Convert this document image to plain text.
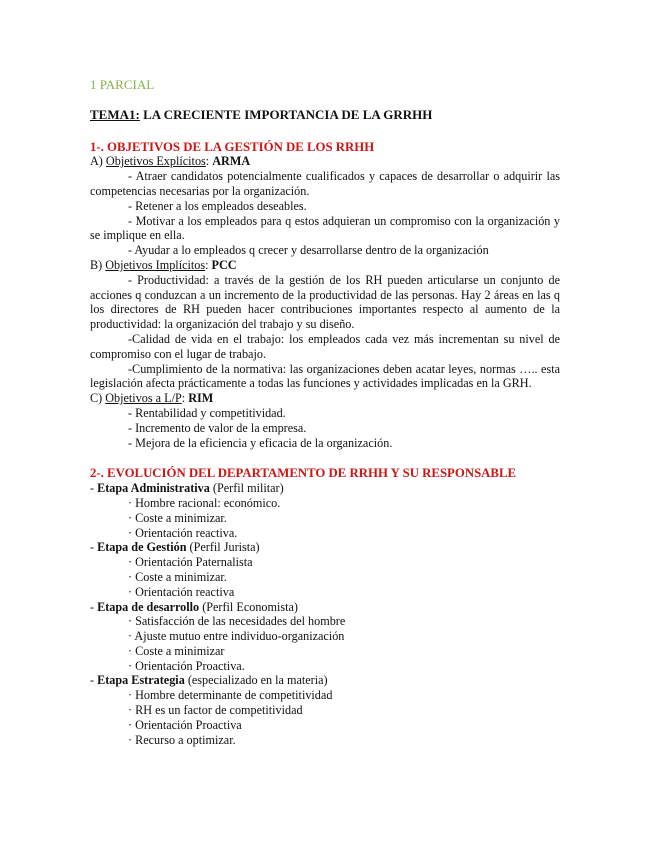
1 PARCIAL

TEMA1: LA CRECIENTE IMPORTANCIA DE LA GRRHH

1-. OBJETIVOS DE LA GESTIÓN DE LOS RRHH

A) Objetivos Explícitos: ARMA

- Atraer candidatos potencialmente cualificados y capaces de desarrollar o adquirir las competencias necesarias por la organización.

- Retener a los empleados deseables.

- Motivar a los empleados para q estos adquieran un compromiso con la organización y se implique en ella.

- Ayudar a lo empleados q crecer y desarrollarse dentro de la organización

B) Objetivos Implícitos: PCC

- Productividad: a través de la gestión de los RH pueden articularse un conjunto de acciones q conduzcan a un incremento de la productividad de las personas. Hay 2 áreas en las q los directores de RH pueden hacer contribuciones importantes respecto al aumento de la productividad: la organización del trabajo y su diseño.

-Calidad de vida en el trabajo: los empleados cada vez más incrementan su nivel de compromiso con el lugar de trabajo.

-Cumplimiento de la normativa: las organizaciones deben acatar leyes, normas ….. esta legislación afecta prácticamente a todas las funciones y actividades implicadas en la GRH.

C) Objetivos a L/P: RIM

- Rentabilidad y competitividad.

- Incremento de valor de la empresa.

- Mejora de la eficiencia y eficacia de la organización.

2-. EVOLUCIÓN DEL DEPARTAMENTO DE RRHH Y SU RESPONSABLE

- Etapa Administrativa (Perfil militar)

· Hombre racional: económico.

· Coste a minimizar.

· Orientación reactiva.

- Etapa de Gestión (Perfil Jurista)

· Orientación Paternalista

· Coste a minimizar.

· Orientación reactiva

- Etapa de desarrollo (Perfil Economista)

· Satisfacción de las necesidades del hombre

· Ajuste mutuo entre individuo-organización

· Coste a minimizar

· Orientación Proactiva.

- Etapa Estrategia (especializado en la materia)

· Hombre determinante de competitividad

· RH es un factor de competitividad

· Orientación Proactiva

· Recurso a optimizar.
